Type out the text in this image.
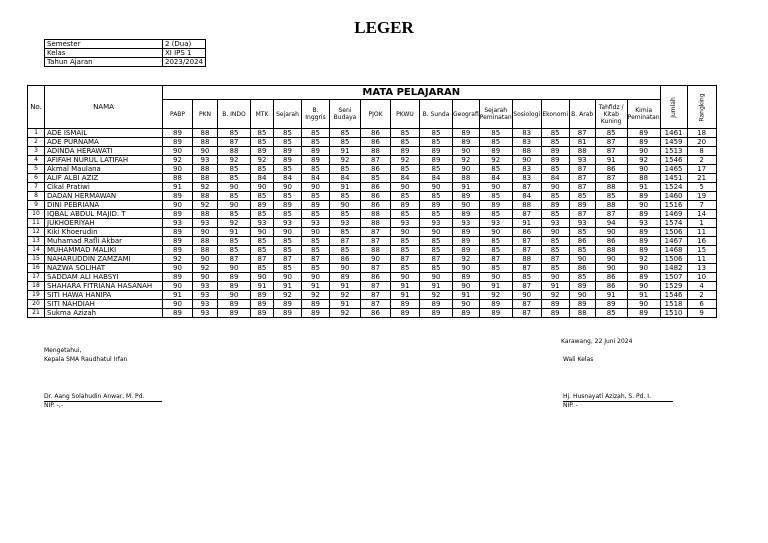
LEGER
Semester	2 (Dua)
Kelas	XI IPS 1
Tahun Ajaran	2023/2024
No.	NAMA	MATA PELAJARAN																	Jumlah	Rangking
		PABP	PKN	B. INDO	MTK	Sejarah	B. Inggris	Seni Budaya	PJOK	PKWU	B. Sunda	Geografi	Sejarah Peminatan	Sosiologi	Ekonomi	B. Arab	Tahfidz / Kitab Kuning	Kimia Peminatan		
1	ADE ISMAIL	89	88	85	85	85	85	85	86	85	85	89	85	83	85	87	85	89	1461	18
2	ADE PURNAMA	89	88	87	85	85	85	85	86	85	85	89	85	83	85	81	87	89	1459	20
3	ADINDA HERAWATI	90	90	88	89	89	89	91	88	89	89	90	89	88	89	88	87	90	1513	8
4	AFIFAH NURUL LATIFAH	92	93	92	92	89	89	92	87	92	89	92	92	90	89	93	91	92	1546	2
5	Akmal Maulana	90	88	85	85	85	85	85	86	85	85	90	85	83	85	87	86	90	1465	17
6	ALIF ALBI AZIZ	88	88	85	84	84	84	84	85	84	84	88	84	83	84	87	87	88	1451	21
7	Cikal Pratiwi	91	92	90	90	90	90	91	86	90	90	91	90	87	90	87	88	91	1524	5
8	DADAN HERMAWAN	89	88	85	85	85	85	85	86	85	85	89	85	84	85	85	85	89	1460	19
9	DINI PEBRIANA	90	92	90	89	89	89	90	86	89	89	90	89	88	89	89	88	90	1516	7
10	IQBAL ABDUL MAJID. T	89	88	85	85	85	85	85	88	85	85	89	85	87	85	87	87	89	1469	14
11	JUKHOERIYAH	93	93	92	93	93	93	93	88	93	93	93	93	91	93	93	94	93	1574	1
12	Kiki Khoerudin	89	90	91	90	90	90	85	87	90	90	89	90	86	90	85	90	89	1506	11
13	Muhamad Rafli Akbar	89	88	85	85	85	85	87	87	85	85	89	85	87	85	86	86	89	1467	16
14	MUHAMMAD MALIKI	89	88	85	85	85	85	85	88	85	85	89	85	87	85	85	88	89	1468	15
15	NAHARUDDIN ZAMZAMI	92	90	87	87	87	87	86	90	87	87	92	87	88	87	90	90	92	1506	11
16	NAZWA SOLIHAT	90	92	90	85	85	85	90	87	85	85	90	85	87	85	86	90	90	1482	13
17	SADDAM ALI HABSYI	89	90	89	90	90	90	89	86	90	90	89	90	85	90	85	86	89	1507	10
18	SHAHARA FITRIANA HASANAH	90	93	89	91	91	91	91	87	91	91	90	91	87	91	89	86	90	1529	4
19	SITI HAWA HANIPA	91	93	90	89	92	92	92	87	91	92	91	92	90	92	90	91	91	1546	2
20	SITI NAHDIAH	90	93	89	89	89	89	91	87	89	89	90	89	87	89	89	89	90	1518	6
21	Sukma Azizah	89	93	89	89	89	89	92	86	89	89	89	89	87	89	88	85	89	1510	9
Karawang, 22 Juni 2024
Mengetahui,
Kepala SMA Raudhatul Irfan	Wali Kelas
Dr. Aang Solahudin Anwar, M. Pd.
NIP. -,-
Hj. Husnayati Azizah, S. Pd. I.
NIP. -
